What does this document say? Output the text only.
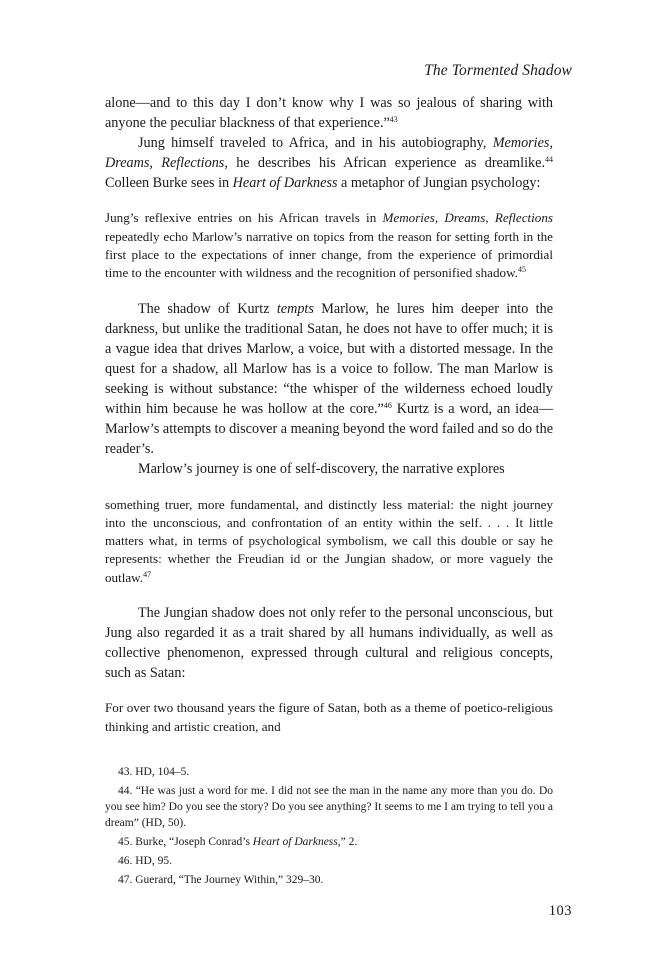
The Tormented Shadow

alone—and to this day I don’t know why I was so jealous of sharing with anyone the peculiar blackness of that experience.”$^{43}$

Jung himself traveled to Africa, and in his autobiography, Memories, Dreams, Reflections, he describes his African experience as dreamlike.$^{44}$ Colleen Burke sees in Heart of Darkness a metaphor of Jungian psychology:

Jung’s reflexive entries on his African travels in Memories, Dreams, Reflections repeatedly echo Marlow’s narrative on topics from the reason for setting forth in the first place to the expectations of inner change, from the experience of primordial time to the encounter with wildness and the recognition of personified shadow.$^{45}$

The shadow of Kurtz tempts Marlow, he lures him deeper into the darkness, but unlike the traditional Satan, he does not have to offer much; it is a vague idea that drives Marlow, a voice, but with a distorted message. In the quest for a shadow, all Marlow has is a voice to follow. The man Marlow is seeking is without substance: “the whisper of the wilderness echoed loudly within him because he was hollow at the core.”$^{46}$ Kurtz is a word, an idea—Marlow’s attempts to discover a meaning beyond the word failed and so do the reader’s.

Marlow’s journey is one of self-discovery, the narrative explores

something truer, more fundamental, and distinctly less material: the night journey into the unconscious, and confrontation of an entity within the self. . . . It little matters what, in terms of psychological symbolism, we call this double or say he represents: whether the Freudian id or the Jungian shadow, or more vaguely the outlaw.$^{47}$

The Jungian shadow does not only refer to the personal unconscious, but Jung also regarded it as a trait shared by all humans individually, as well as collective phenomenon, expressed through cultural and religious concepts, such as Satan:

For over two thousand years the figure of Satan, both as a theme of poetico-religious thinking and artistic creation, and

43. HD, 104–5.

44. “He was just a word for me. I did not see the man in the name any more than you do. Do you see him? Do you see the story? Do you see anything? It seems to me I am trying to tell you a dream” (HD, 50).

45. Burke, “Joseph Conrad’s Heart of Darkness,” 2.

46. HD, 95.

47. Guerard, “The Journey Within,” 329–30.

103
